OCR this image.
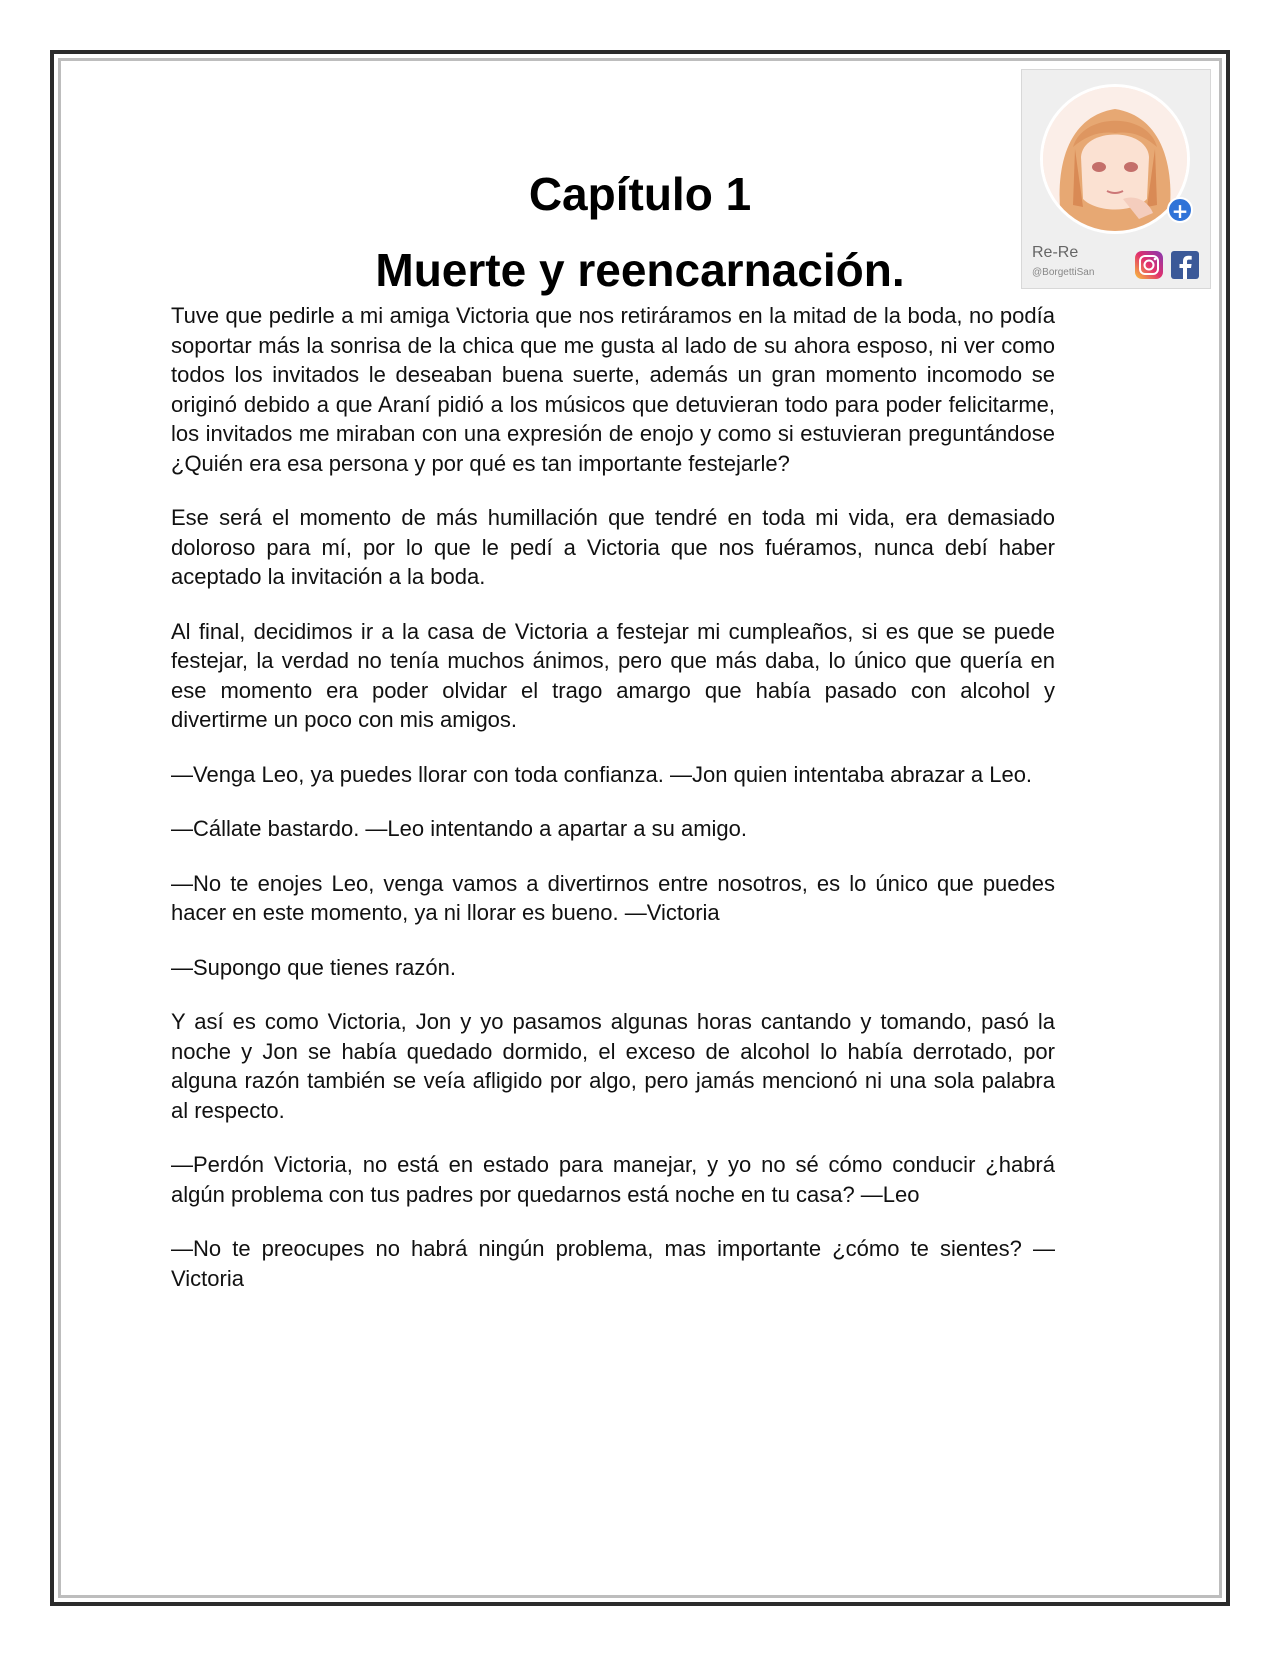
Capítulo 1
Muerte y reencarnación.
+
Re-Re
@BorgettiSan

Tuve que pedirle a mi amiga Victoria que nos retiráramos en la mitad de la boda, no podía soportar más la sonrisa de la chica que me gusta al lado de su ahora esposo, ni ver como todos los invitados le deseaban buena suerte, además un gran momento incomodo se originó debido a que Araní pidió a los músicos que detuvieran todo para poder felicitarme, los invitados me miraban con una expresión de enojo y como si estuvieran preguntándose ¿Quién era esa persona y por qué es tan importante festejarle?

Ese será el momento de más humillación que tendré en toda mi vida, era demasiado doloroso para mí, por lo que le pedí a Victoria que nos fuéramos, nunca debí haber aceptado la invitación a la boda.

Al final, decidimos ir a la casa de Victoria a festejar mi cumpleaños, si es que se puede festejar, la verdad no tenía muchos ánimos, pero que más daba, lo único que quería en ese momento era poder olvidar el trago amargo que había pasado con alcohol y divertirme un poco con mis amigos.

—Venga Leo, ya puedes llorar con toda confianza. —Jon quien intentaba abrazar a Leo.

—Cállate bastardo. —Leo intentando a apartar a su amigo.

—No te enojes Leo, venga vamos a divertirnos entre nosotros, es lo único que puedes hacer en este momento, ya ni llorar es bueno. —Victoria

—Supongo que tienes razón.

Y así es como Victoria, Jon y yo pasamos algunas horas cantando y tomando, pasó la noche y Jon se había quedado dormido, el exceso de alcohol lo había derrotado, por alguna razón también se veía afligido por algo, pero jamás mencionó ni una sola palabra al respecto.

—Perdón Victoria, no está en estado para manejar, y yo no sé cómo conducir ¿habrá algún problema con tus padres por quedarnos está noche en tu casa? —Leo

—No te preocupes no habrá ningún problema, mas importante ¿cómo te sientes? —Victoria
